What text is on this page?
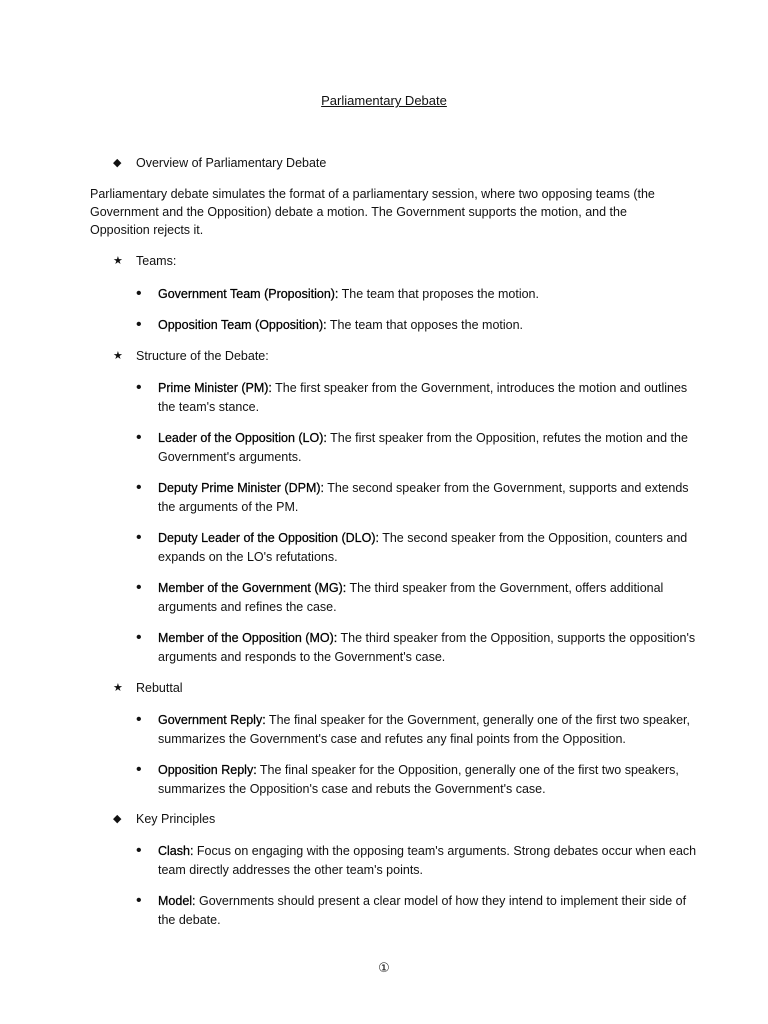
Parliamentary Debate
◆ Overview of Parliamentary Debate
Parliamentary debate simulates the format of a parliamentary session, where two opposing teams (the Government and the Opposition) debate a motion. The Government supports the motion, and the Opposition rejects it.
★ Teams:
• Government Team (Proposition): The team that proposes the motion.
• Opposition Team (Opposition): The team that opposes the motion.
★ Structure of the Debate:
• Prime Minister (PM): The first speaker from the Government, introduces the motion and outlines the team's stance.
• Leader of the Opposition (LO): The first speaker from the Opposition, refutes the motion and the Government's arguments.
• Deputy Prime Minister (DPM): The second speaker from the Government, supports and extends the arguments of the PM.
• Deputy Leader of the Opposition (DLO): The second speaker from the Opposition, counters and expands on the LO's refutations.
• Member of the Government (MG): The third speaker from the Government, offers additional arguments and refines the case.
• Member of the Opposition (MO): The third speaker from the Opposition, supports the opposition's arguments and responds to the Government's case.
★ Rebuttal
• Government Reply: The final speaker for the Government, generally one of the first two speaker, summarizes the Government's case and refutes any final points from the Opposition.
• Opposition Reply: The final speaker for the Opposition, generally one of the first two speakers, summarizes the Opposition's case and rebuts the Government's case.
◆ Key Principles
• Clash: Focus on engaging with the opposing team's arguments. Strong debates occur when each team directly addresses the other team's points.
• Model: Governments should present a clear model of how they intend to implement their side of the debate.
①
